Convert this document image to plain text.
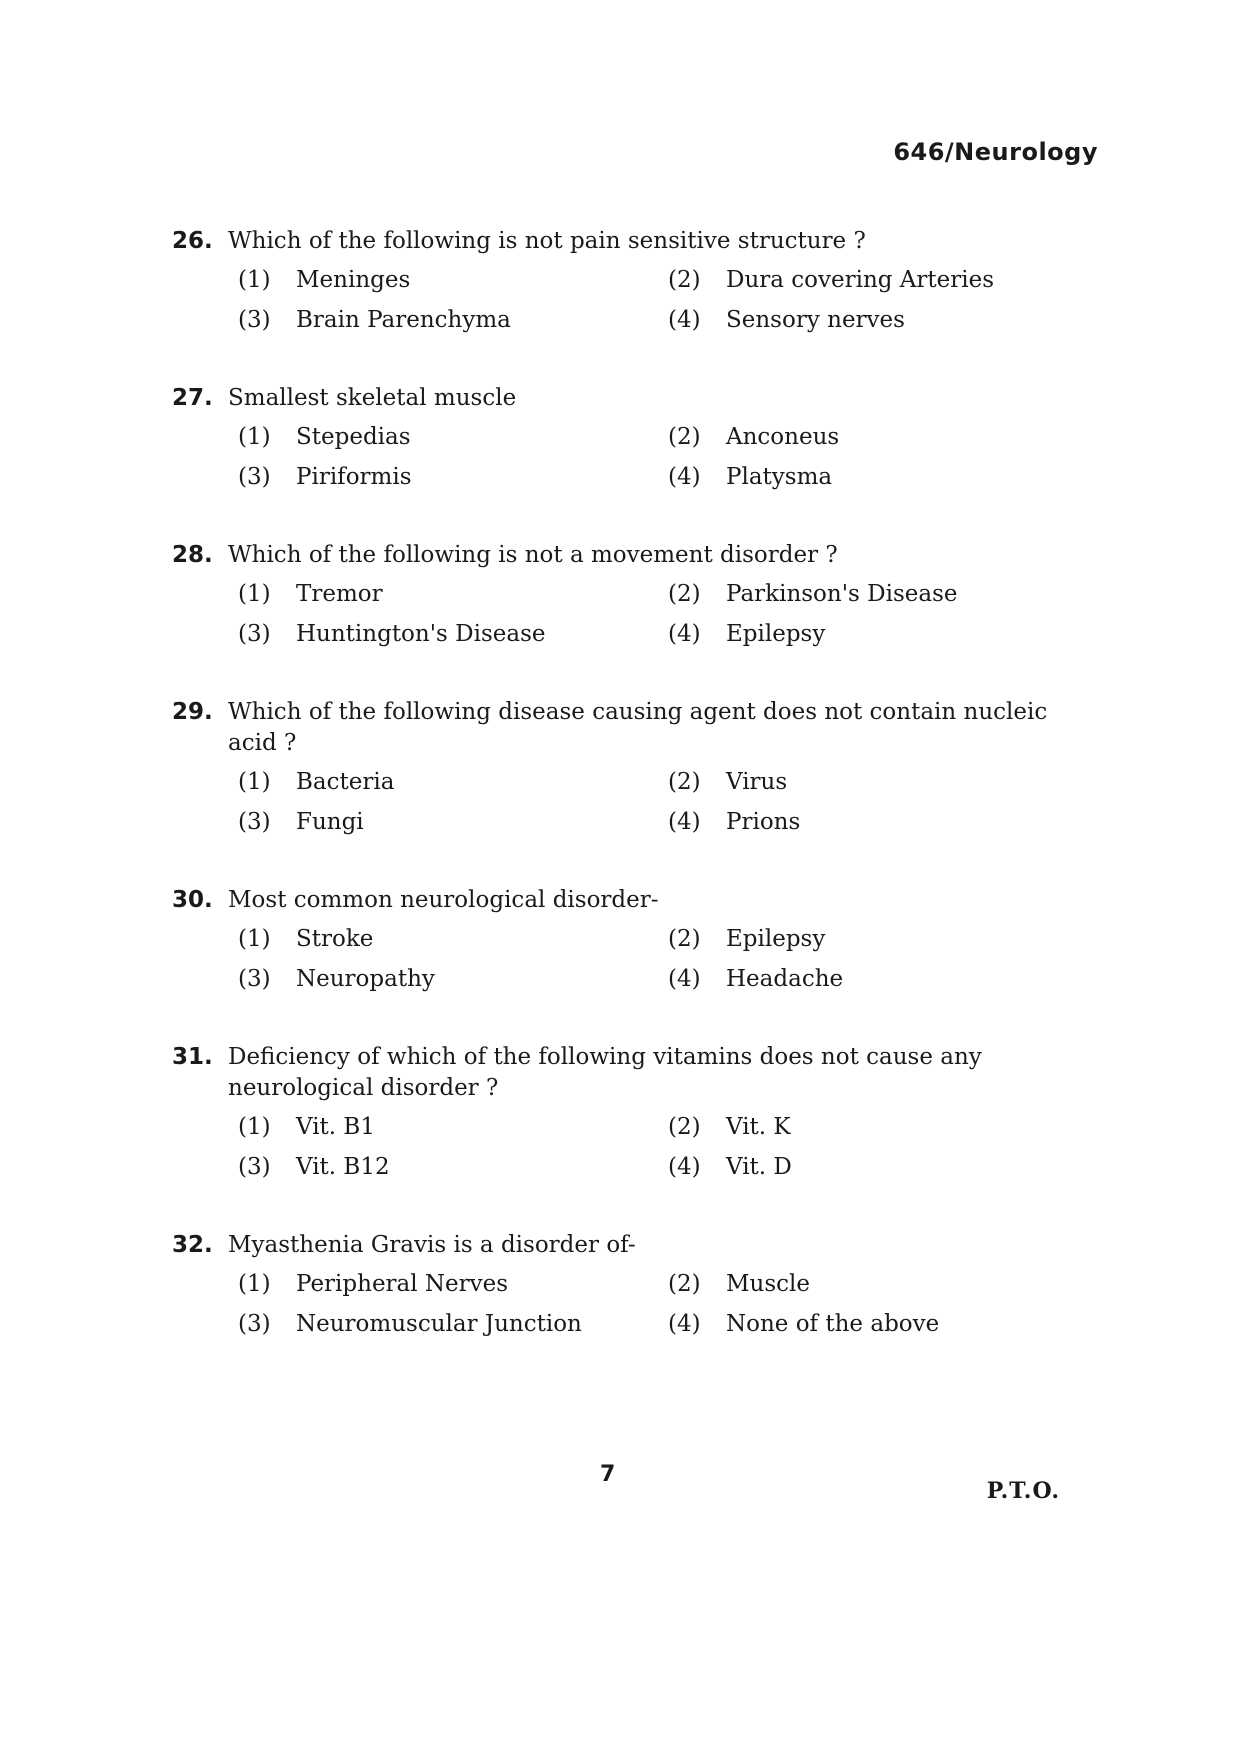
646/Neurology
26. Which of the following is not pain sensitive structure ?
(1)	Meninges	(2)	Dura covering Arteries
(3)	Brain Parenchyma	(4)	Sensory nerves
27. Smallest skeletal muscle
(1)	Stepedias	(2)	Anconeus
(3)	Piriformis	(4)	Platysma
28. Which of the following is not a movement disorder ?
(1)	Tremor	(2)	Parkinson's Disease
(3)	Huntington's Disease	(4)	Epilepsy
29. Which of the following disease causing agent does not contain nucleic acid ?
(1)	Bacteria	(2)	Virus
(3)	Fungi	(4)	Prions
30. Most common neurological disorder-
(1)	Stroke	(2)	Epilepsy
(3)	Neuropathy	(4)	Headache
31. Deficiency of which of the following vitamins does not cause any neurological disorder ?
(1)	Vit. B1	(2)	Vit. K
(3)	Vit. B12	(4)	Vit. D
32. Myasthenia Gravis is a disorder of-
(1)	Peripheral Nerves	(2)	Muscle
(3)	Neuromuscular Junction	(4)	None of the above
7
P.T.O.
